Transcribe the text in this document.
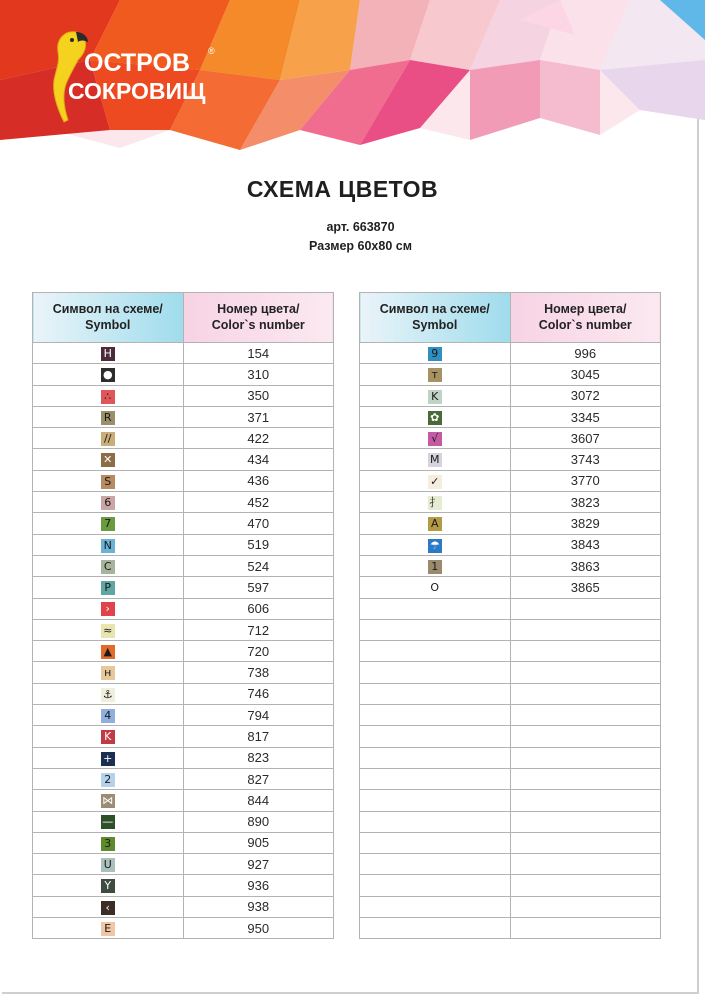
ОСТРОВ ®
СОКРОВИЩ
СХЕМА ЦВЕТОВ
арт. 663870
Размер 60x80 см
Символ на схеме/
Symbol	Номер цвета/
Color`s number
H	154
●	310
∴	350
R	371
//	422
✕	434
S	436
6	452
7	470
N	519
C	524
P	597
›	606
≈	712
▲	720
н	738
⚓	746
4	794
K	817
+	823
2	827
⋈	844
—	890
3	905
U	927
Y	936
‹	938
E	950
Символ на схеме/
Symbol	Номер цвета/
Color`s number
9	996
т	3045
K	3072
✿	3345
√	3607
M	3743
✓	3770
⺘	3823
A	3829
☂	3843
1	3863
O	3865
